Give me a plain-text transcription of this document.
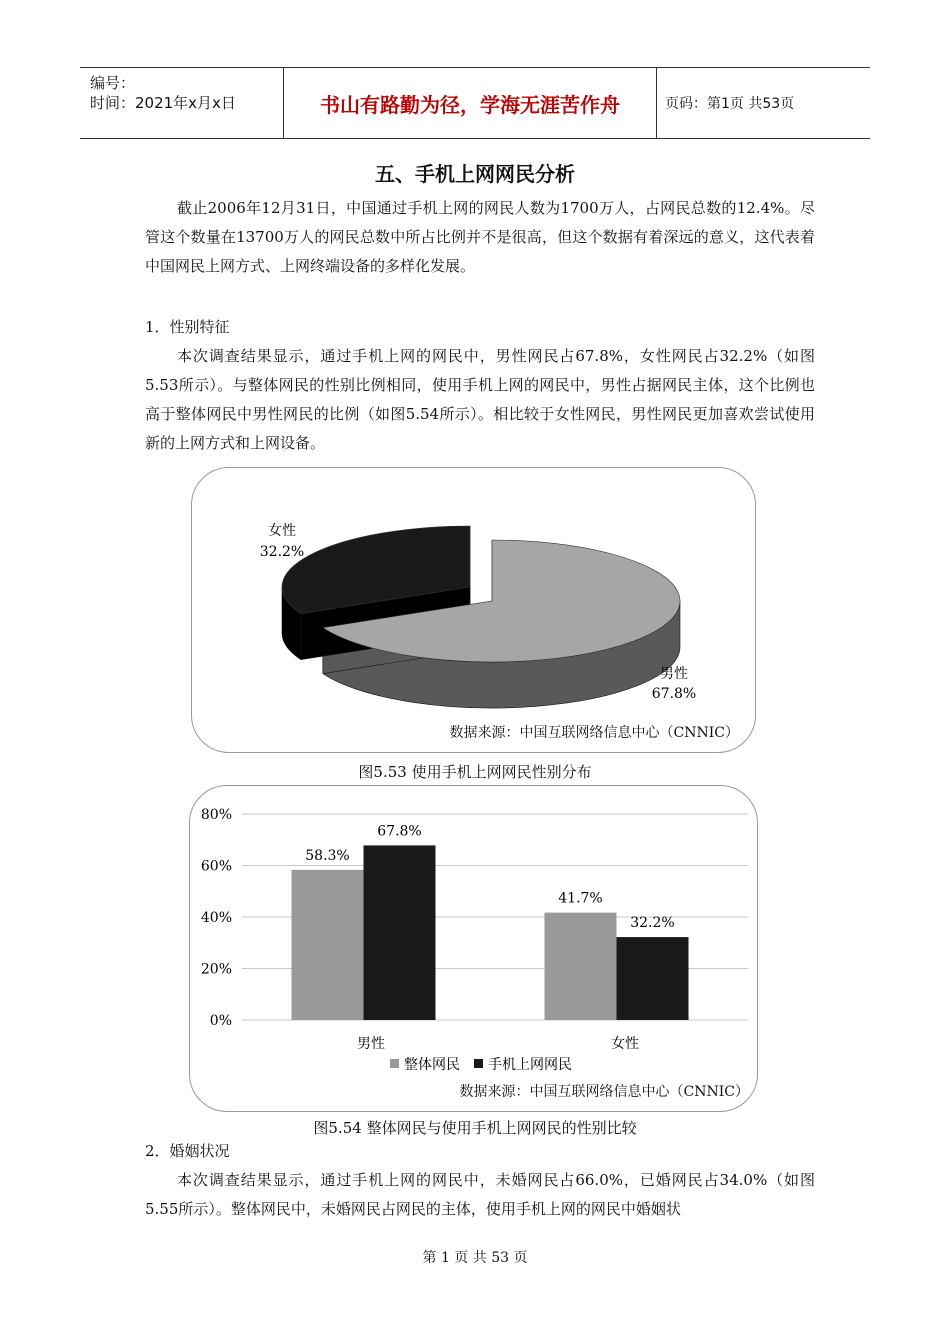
编号：
时间：2021年x月x日	书山有路勤为径，学海无涯苦作舟	页码：第1页 共53页
五、手机上网网民分析

截止2006年12月31日，中国通过手机上网的网民人数为1700万人，占网民总数的12.4%。尽管这个数量在13700万人的网民总数中所占比例并不是很高，但这个数据有着深远的意义，这代表着中国网民上网方式、上网终端设备的多样化发展。

1．性别特征

本次调查结果显示，通过手机上网的网民中，男性网民占67.8%，女性网民占32.2%（如图5.53所示）。与整体网民的性别比例相同，使用手机上网的网民中，男性占据网民主体，这个比例也高于整体网民中男性网民的比例（如图5.54所示）。相比较于女性网民，男性网民更加喜欢尝试使用新的上网方式和上网设备。

女性
32.2%
男性
67.8%
数据来源：中国互联网络信息中心（CNNIC）

图5.53 使用手机上网网民性别分布

58.3%
67.8%
41.7%
32.2%
0%
20%
40%
60%
80%
男性	女性
整体网民 手机上网网民
数据来源：中国互联网络信息中心（CNNIC）

图5.54 整体网民与使用手机上网网民的性别比较

2．婚姻状况

本次调查结果显示，通过手机上网的网民中，未婚网民占66.0%，已婚网民占34.0%（如图5.55所示）。整体网民中，未婚网民占网民的主体，使用手机上网的网民中婚姻状

第 1 页 共 53 页
